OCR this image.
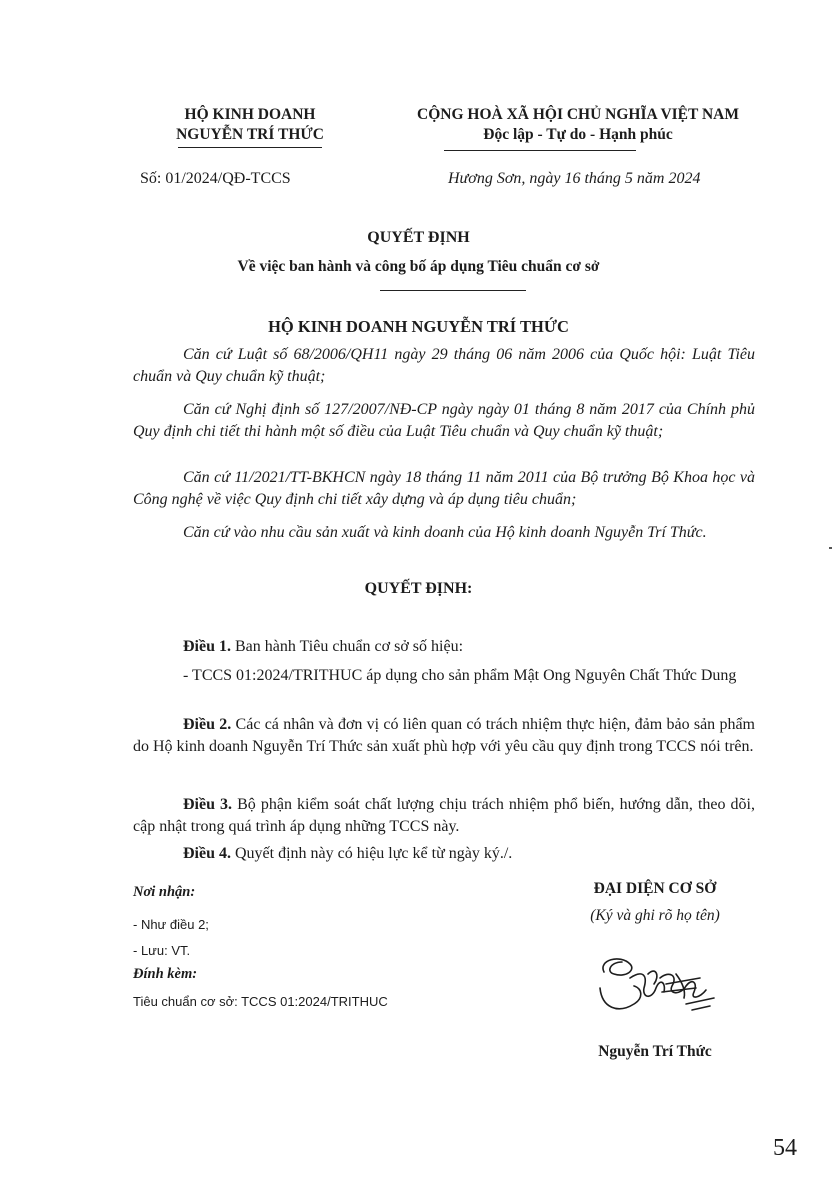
HỘ KINH DOANH
NGUYỄN TRÍ THỨC
CỘNG HOÀ XÃ HỘI CHỦ NGHĨA VIỆT NAM
Độc lập - Tự do - Hạnh phúc
Số: 01/2024/QĐ-TCCS	Hương Sơn, ngày 16 tháng 5 năm 2024
QUYẾT ĐỊNH
Về việc ban hành và công bố áp dụng Tiêu chuẩn cơ sở
HỘ KINH DOANH NGUYỄN TRÍ THỨC
Căn cứ Luật số 68/2006/QH11 ngày 29 tháng 06 năm 2006 của Quốc hội: Luật Tiêu chuẩn và Quy chuẩn kỹ thuật;
Căn cứ Nghị định số 127/2007/NĐ-CP ngày ngày 01 tháng 8 năm 2017 của Chính phủ Quy định chi tiết thi hành một số điều của Luật Tiêu chuẩn và Quy chuẩn kỹ thuật;
Căn cứ 11/2021/TT-BKHCN ngày 18 tháng 11 năm 2011 của Bộ trưởng Bộ Khoa học và Công nghệ về việc Quy định chi tiết xây dựng và áp dụng tiêu chuẩn;
Căn cứ vào nhu cầu sản xuất và kinh doanh của Hộ kinh doanh Nguyễn Trí Thức.
QUYẾT ĐỊNH:
Điều 1. Ban hành Tiêu chuẩn cơ sở số hiệu:
- TCCS 01:2024/TRITHUC áp dụng cho sản phẩm Mật Ong Nguyên Chất Thức Dung
Điều 2. Các cá nhân và đơn vị có liên quan có trách nhiệm thực hiện, đảm bảo sản phẩm do Hộ kinh doanh Nguyễn Trí Thức sản xuất phù hợp với yêu cầu quy định trong TCCS nói trên.
Điều 3. Bộ phận kiểm soát chất lượng chịu trách nhiệm phổ biến, hướng dẫn, theo dõi, cập nhật trong quá trình áp dụng những TCCS này.
Điều 4. Quyết định này có hiệu lực kể từ ngày ký./.
Nơi nhận:
- Như điều 2;
- Lưu: VT.
Đính kèm:
Tiêu chuẩn cơ sở: TCCS 01:2024/TRITHUC
ĐẠI DIỆN CƠ SỞ
(Ký và ghi rõ họ tên)
Nguyễn Trí Thức
54
